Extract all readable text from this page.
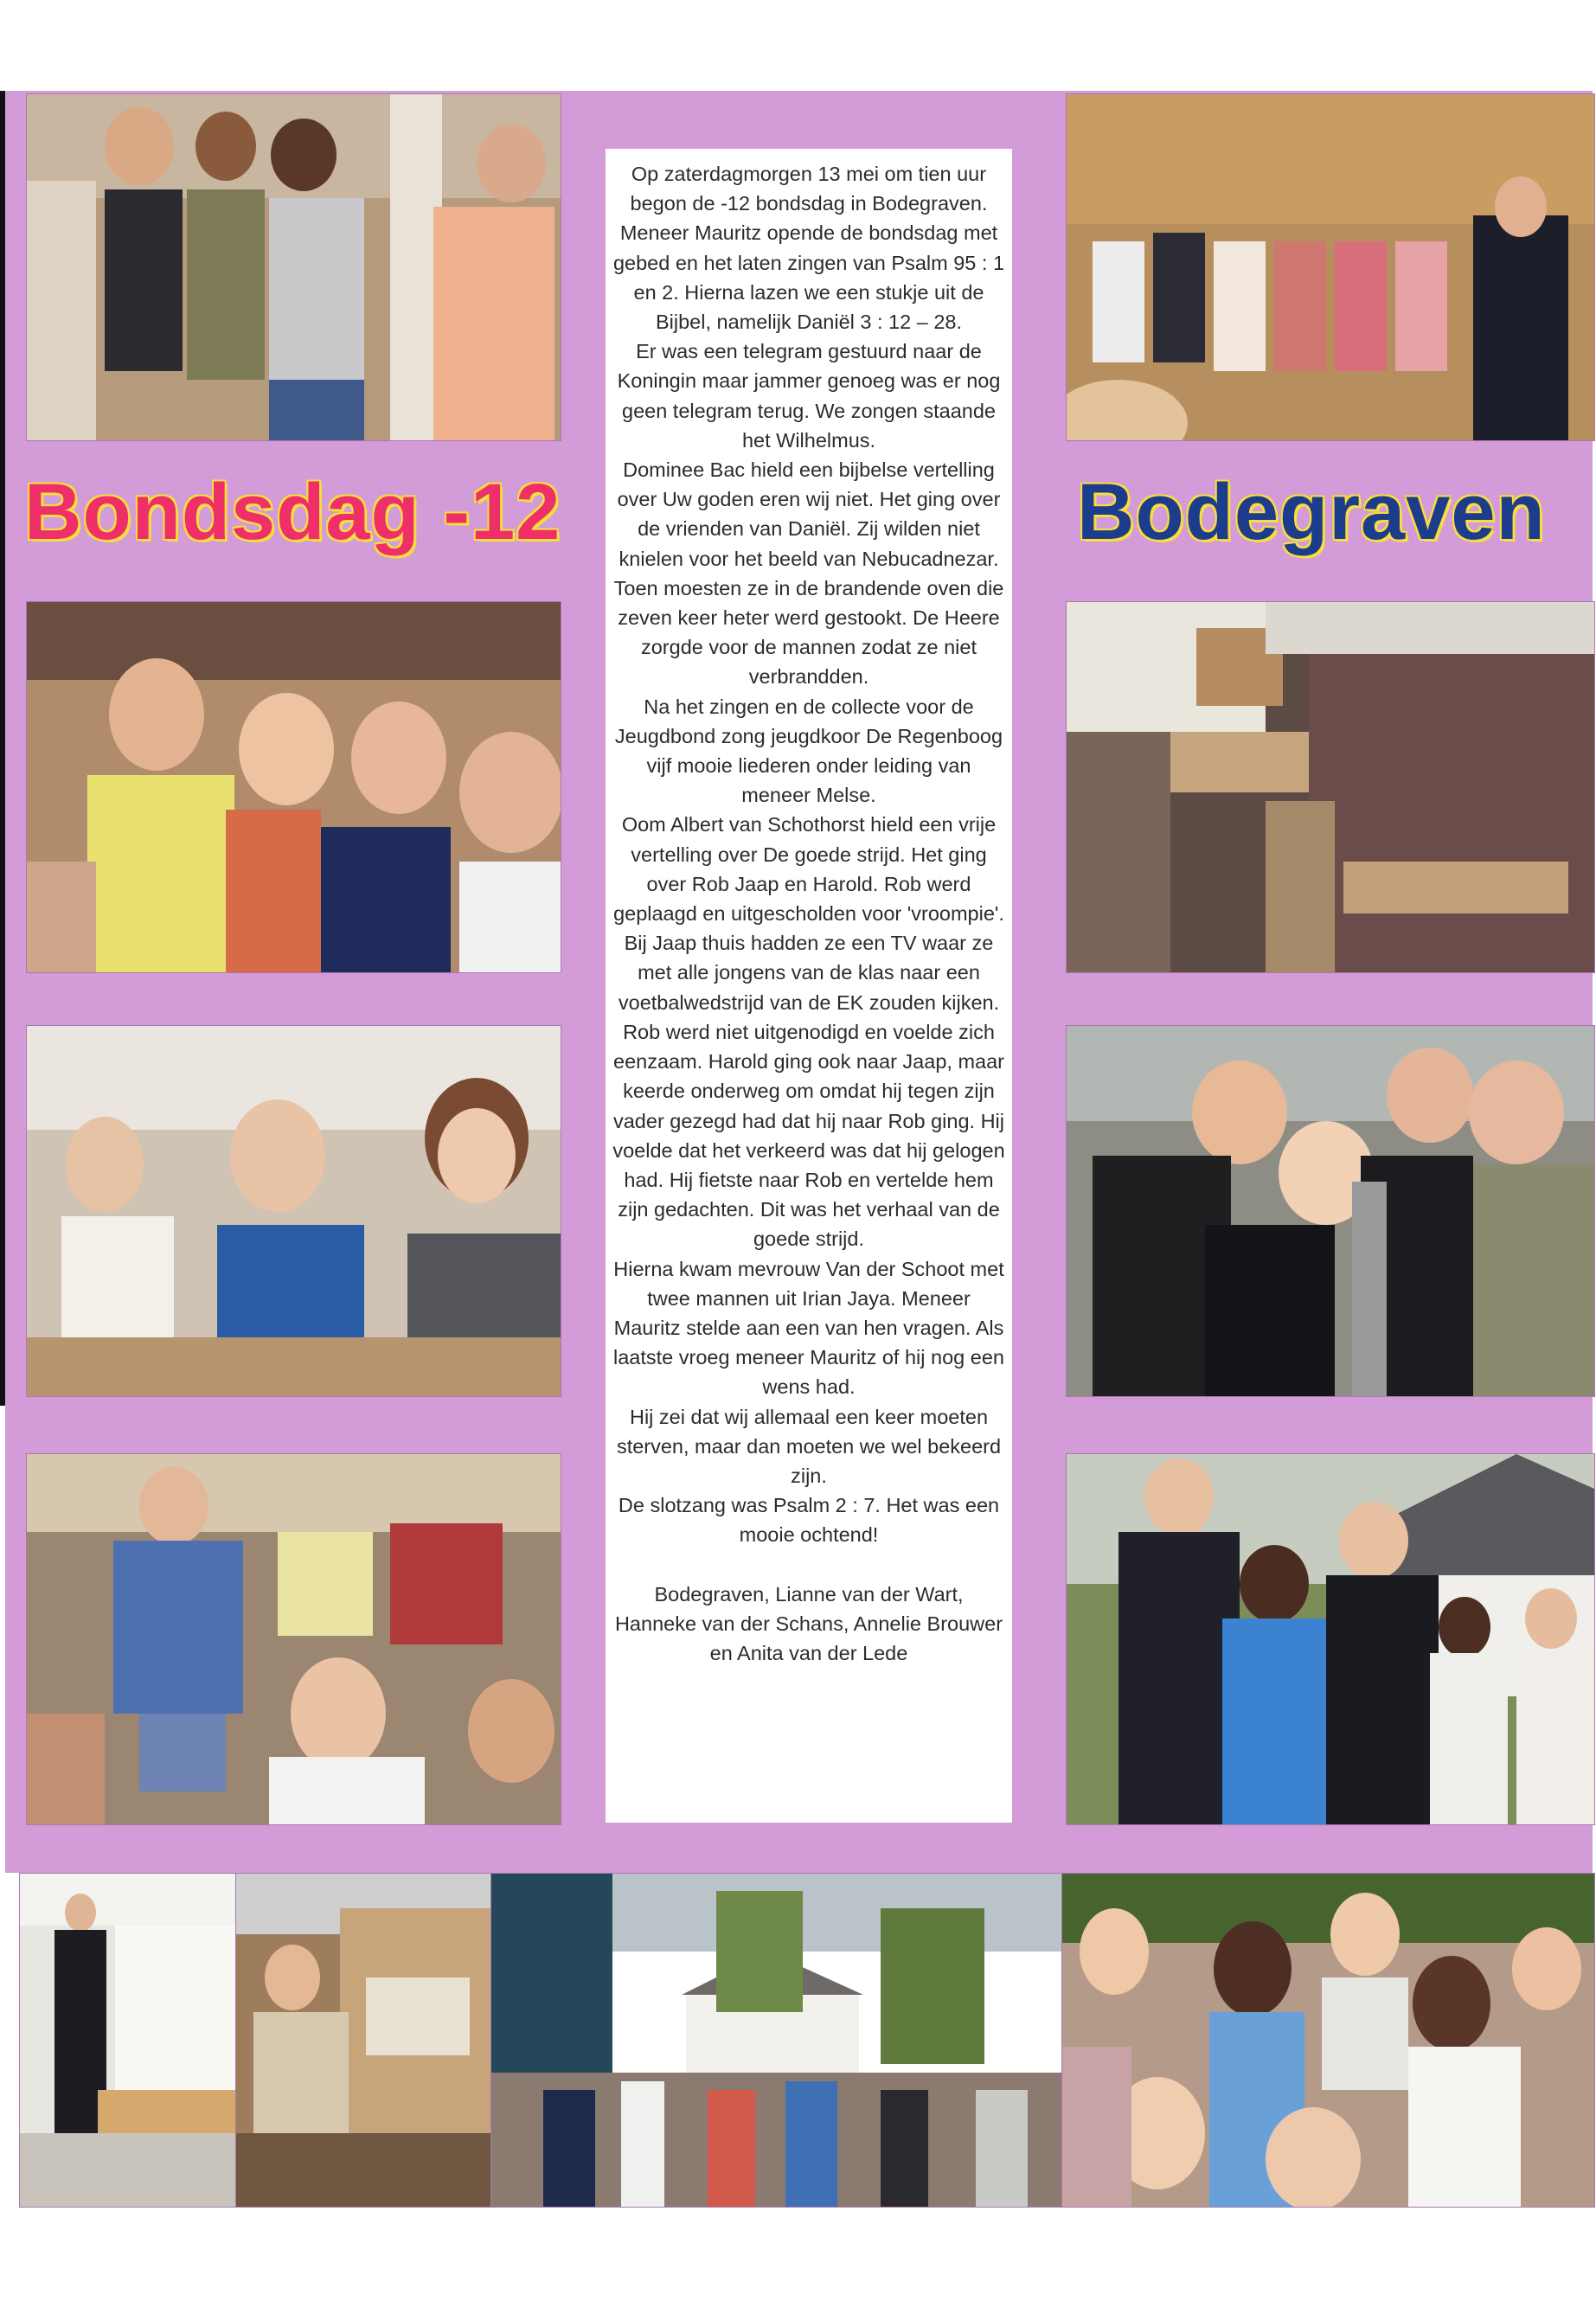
Bondsdag -12

Op zaterdagmorgen 13 mei om tien uur begon de -12 bondsdag in Bodegraven. Meneer Mauritz opende de bondsdag met gebed en het laten zingen van Psalm 95 : 1 en 2. Hierna lazen we een stukje uit de Bijbel, namelijk Daniël 3 : 12 – 28.

Er was een telegram gestuurd naar de Koningin maar jammer genoeg was er nog geen telegram terug. We zongen staande het Wilhelmus.

Dominee Bac hield een bijbelse vertelling over Uw goden eren wij niet. Het ging over de vrienden van Daniël. Zij wilden niet knielen voor het beeld van Nebucadnezar. Toen moesten ze in de brandende oven die zeven keer heter werd gestookt. De Heere zorgde voor de mannen zodat ze niet verbrandden.

Na het zingen en de collecte voor de Jeugdbond zong jeugdkoor De Regenboog vijf mooie liederen onder leiding van meneer Melse.

Oom Albert van Schothorst hield een vrije vertelling over De goede strijd. Het ging over Rob Jaap en Harold. Rob werd geplaagd en uitgescholden voor 'vroompie'. Bij Jaap thuis hadden ze een TV waar ze met alle jongens van de klas naar een voetbalwedstrijd van de EK zouden kijken. Rob werd niet uitgenodigd en voelde zich eenzaam. Harold ging ook naar Jaap, maar keerde onderweg om omdat hij tegen zijn vader gezegd had dat hij naar Rob ging. Hij voelde dat het verkeerd was dat hij gelogen had. Hij fietste naar Rob en vertelde hem zijn gedachten. Dit was het verhaal van de goede strijd.

Hierna kwam mevrouw Van der Schoot met twee mannen uit Irian Jaya. Meneer Mauritz stelde aan een van hen vragen. Als laatste vroeg meneer Mauritz of hij nog een wens had.

Hij zei dat wij allemaal een keer moeten sterven, maar dan moeten we wel bekeerd zijn.

De slotzang was Psalm 2 : 7. Het was een mooie ochtend!

Bodegraven, Lianne van der Wart, Hanneke van der Schans, Annelie Brouwer en Anita van der Lede

Bodegraven
